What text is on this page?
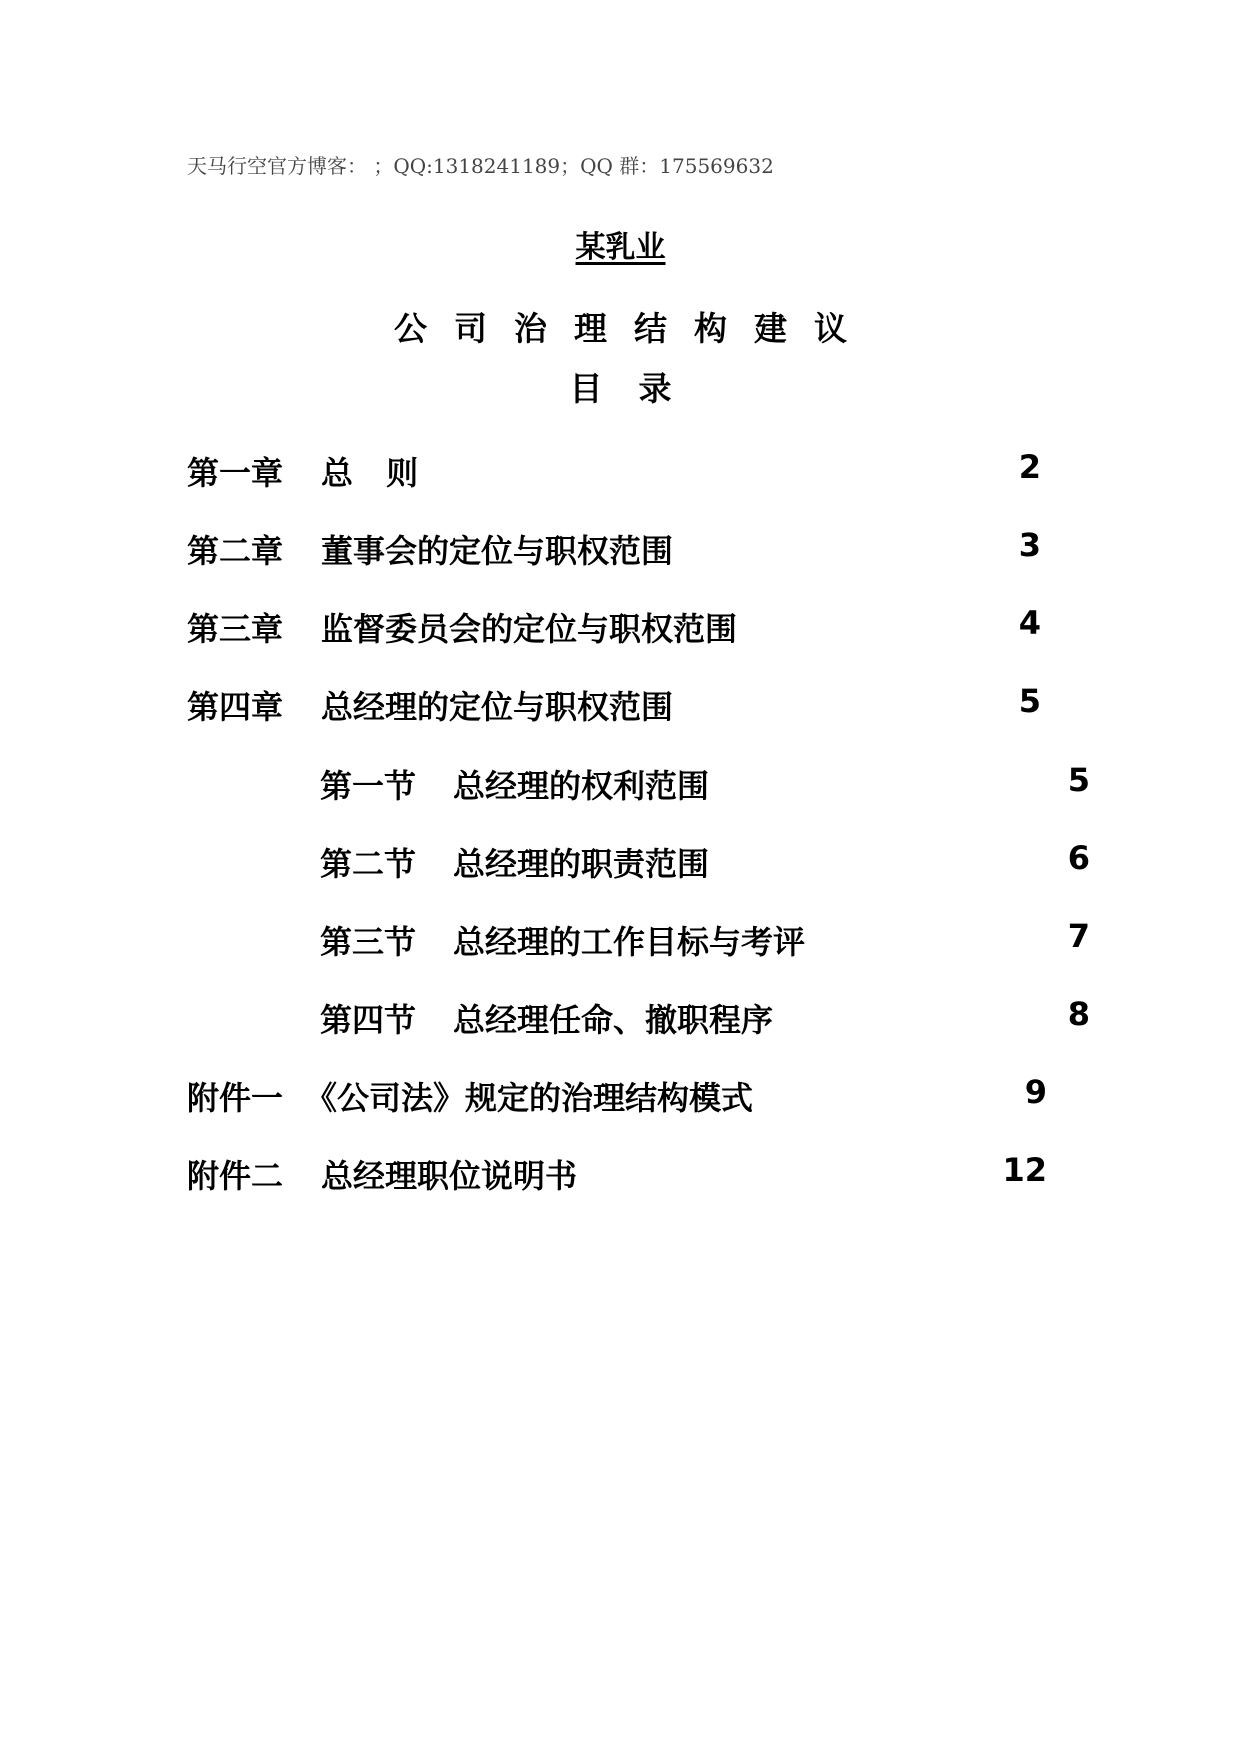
天马行空官方博客： ；QQ:1318241189；QQ 群：175569632
某乳业
公司治理结构建议
目录
第一章 总 则	2
第二章 董事会的定位与职权范围	3
第三章 监督委员会的定位与职权范围	4
第四章 总经理的定位与职权范围	5
第一节 总经理的权利范围	5
第二节 总经理的职责范围	6
第三节 总经理的工作目标与考评	7
第四节 总经理任命、撤职程序	8
附件一 《公司法》规定的治理结构模式	9
附件二 总经理职位说明书	12
